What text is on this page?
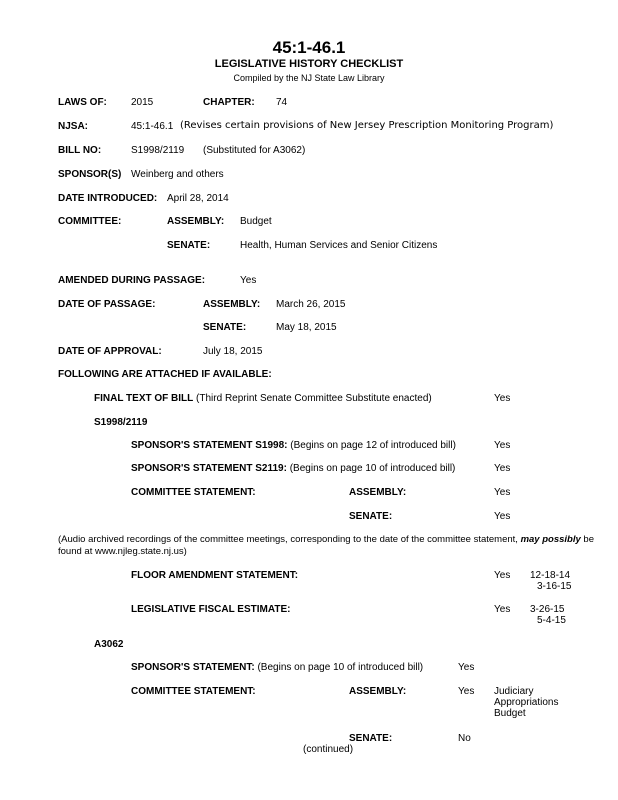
45:1-46.1
LEGISLATIVE HISTORY CHECKLIST
Compiled by the NJ State Law Library
LAWS OF: 2015	CHAPTER: 74
NJSA:	45:1-46.1 (Revises certain provisions of New Jersey Prescription Monitoring Program)
BILL NO:	S1998/2119 (Substituted for A3062)
SPONSOR(S) Weinberg and others
DATE INTRODUCED: April 28, 2014
COMMITTEE:	ASSEMBLY: Budget
SENATE:	Health, Human Services and Senior Citizens
AMENDED DURING PASSAGE:	Yes
DATE OF PASSAGE:	ASSEMBLY: March 26, 2015
SENATE:	May 18, 2015
DATE OF APPROVAL:	July 18, 2015
FOLLOWING ARE ATTACHED IF AVAILABLE:
FINAL TEXT OF BILL (Third Reprint Senate Committee Substitute enacted)	Yes
S1998/2119
SPONSOR'S STATEMENT S1998: (Begins on page 12 of introduced bill)	Yes
SPONSOR'S STATEMENT S2119: (Begins on page 10 of introduced bill)	Yes
COMMITTEE STATEMENT:	ASSEMBLY:	Yes
SENATE:	Yes
(Audio archived recordings of the committee meetings, corresponding to the date of the committee statement, may possibly be found at www.njleg.state.nj.us)
FLOOR AMENDMENT STATEMENT:	Yes 12-18-14
3-16-15
LEGISLATIVE FISCAL ESTIMATE:	Yes 3-26-15
5-4-15
A3062
SPONSOR'S STATEMENT: (Begins on page 10 of introduced bill)	Yes
COMMITTEE STATEMENT:	ASSEMBLY:	Yes Judiciary
Appropriations
Budget
SENATE:	No
(continued)
